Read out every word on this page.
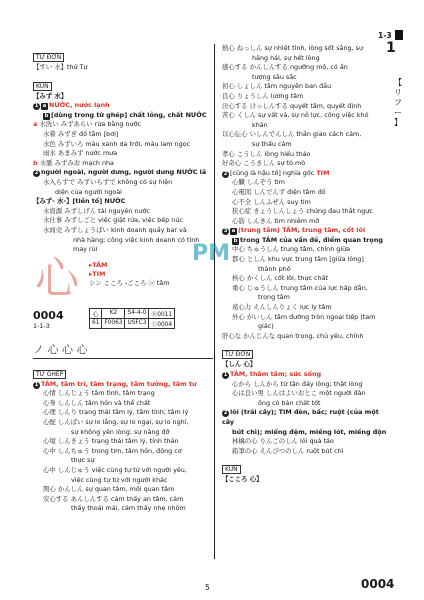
1-3
1
【
リ
フ
ー
】
TỪ ĐƠN
【すい 水】thứ Tư
KUN
【みず 水】
1 a NƯỚC, nước lạnh
b [dùng trong từ ghép] chất lỏng, chất NƯỚC
a 水洗い みずあらい rửa bằng nước
水着 みずぎ đồ tắm [bơi]
水色 みずいろ màu xanh da trời, màu lam ngọc
雨水 あまみず nước mưa
b 水脈 みずみお mạch nha
2 người ngoài, người dưng, người dưng NƯỚC lã
水入らずで みずいらずで không có sự hiện
diện của người ngoài
【みず- 水-】[tiền tố] NƯỚC
水資源 みずしげん tài nguyên nước
水仕事 みずしごと việc giặt rửa, việc bếp núc
水商売 みずしょうばい kinh doanh quầy bar và
nhà hàng; công việc kinh doanh có tính
may rủi
心 ▸TÂM
▸TIM
シン こころ -ごころ ⓐ tâm
0004
1-1-3
心	K2	S4-4-0	Ⓚ0011
61	F0063	USFC3	Ⓛ0004
ノ 心 心 心
TỪ GHÉP
1 TÂM, tâm trí, tâm trạng, tâm tưởng, tâm tư
心情 しんじょう tâm tình, tâm trạng
心身 しんしん tâm hồn và thể chất
心理 しんり trạng thái tâm lý, tâm tính; tâm lý
心配 しんぱい sự lo lắng, sự lo ngại, sự lo nghĩ,
sự không yên lòng; sự nâng đỡ
心境 しんきょう trạng thái tâm lý, tính thần
心中 しんちゅう trong tim, tâm hồn, động cơ
thực sự
心中 しんじゅう việc cùng tự tử với người yêu,
việc cùng tự tử với người khác
関心 かんしん sự quan tâm, mối quan tâm
安心する あんしんする cảm thấy an tâm, cảm
thấy thoải mái, cảm thấy nhẹ nhõm
熱心 ねっしん sự nhiệt tình, lòng sốt sắng, sự
hăng hái, sự hết lòng
感心する かんしんする ngưỡng mộ, có ấn
tượng sâu sắc
初心 しょしん tâm nguyên ban đầu
良心 りょうしん lương tâm
決心する けっしんする quyết tâm, quyết định
苦心 くしん sự vất vả, sự nỗ lực, công việc khó
khăn
以心伝心 いしんでんしん thần giao cách cảm,
sự thấu cảm
孝心 こうしん lòng hiếu thảo
好奇心 こうきしん sự tò mò
2 [cũng là hậu tố] nghĩa gốc TIM
心臓 しんぞう tim
心電図 しんでんず điện tâm đồ
心不全 しんふぜん suy tim
狭心症 きょうしんしょう chứng đau thắt ngực
心筋 しんきん tim nhiễm mỡ
3 a (trung tâm) TÂM, trung tâm, cốt lõi
b trong TÂM của vấn đề, điểm quan trọng
中心 ちゅうしん trung tâm, chính giữa
都心 としん khu vực trung tâm [giữa lòng]
thành phố
核心 かくしん cốt lõi, thực chất
重心 じゅうしん trung tâm của lực hấp dẫn,
trọng tâm
遠心力 えんしんりょく lực ly tâm
外心 がいしん tâm đường tròn ngoại tiếp (tam
giác)
肝心な かんじんな quan trọng, chủ yếu, chính
TỪ ĐƠN
【しん 心】
1 TÂM, thâm tâm; sức sống
心から しんから từ tận đáy lòng; thật lòng
心は良い男 しんはよいおとこ một người đàn
ông có bản chất tốt
2 lõi (trái cây); TIM đèn, bấc; ruột (của một cây
bút chì); miếng đệm, miếng lót, miếng độn
林檎の心 りんごのしん lõi quả táo
鉛筆の心 えんぴつのしん ruột bút chì
KUN
【こころ 心】
PM
5	0004
